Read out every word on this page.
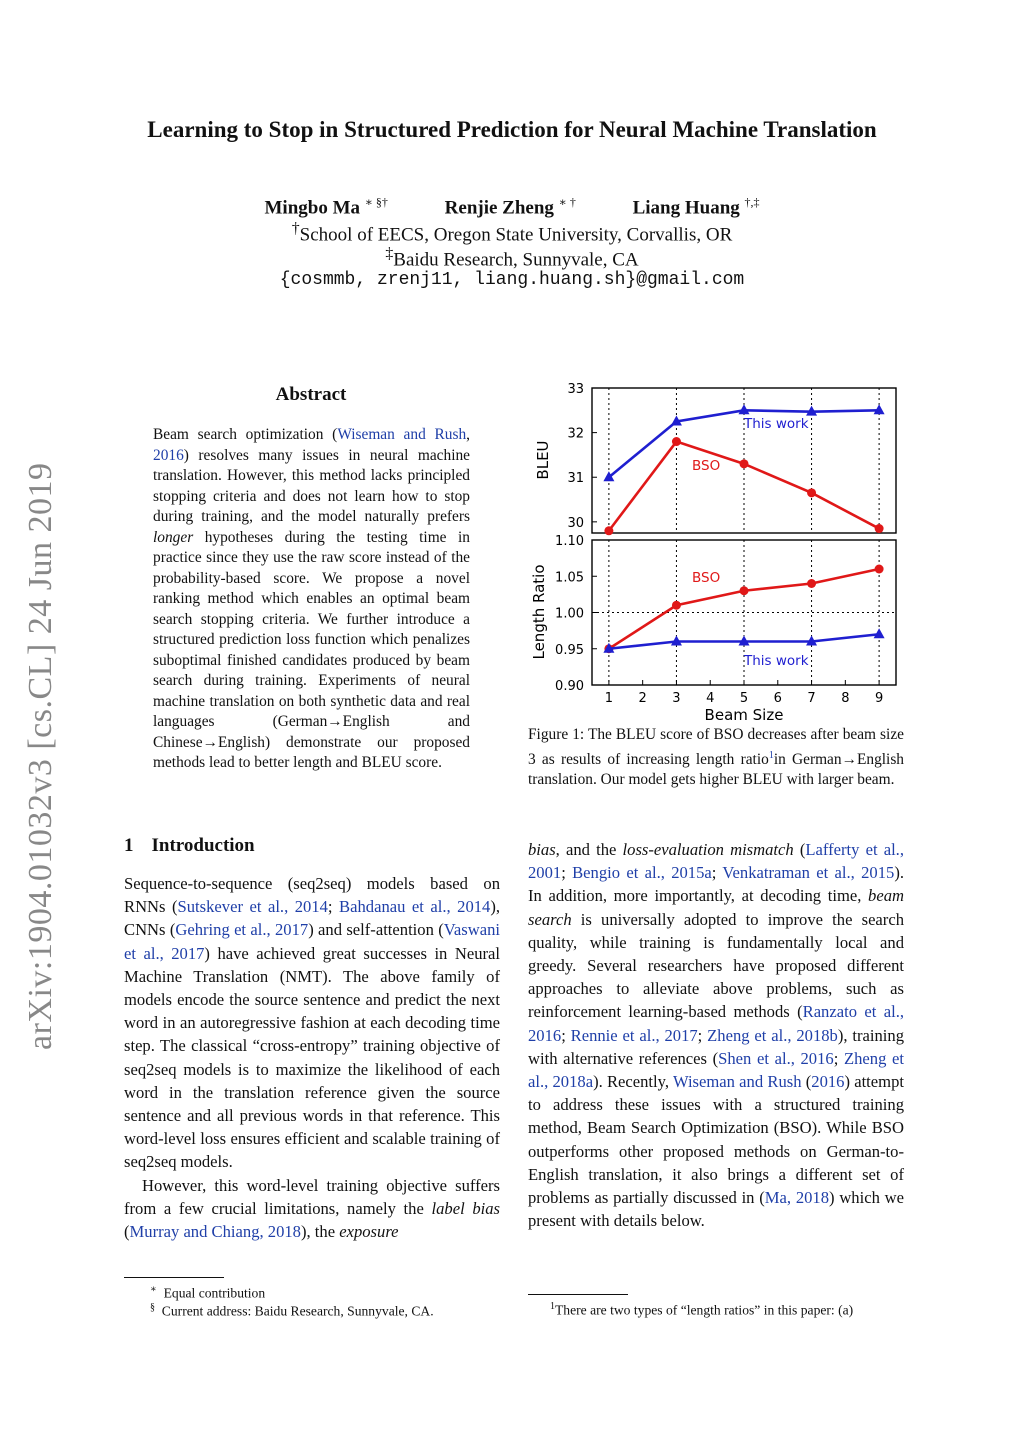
Learning to Stop in Structured Prediction for Neural Machine Translation
Mingbo Ma ∗ §†	Renjie Zheng ∗ †	Liang Huang †,‡
†School of EECS, Oregon State University, Corvallis, OR
‡Baidu Research, Sunnyvale, CA
{cosmmb, zrenj11, liang.huang.sh}@gmail.com
arXiv:1904.01032v3 [cs.CL] 24 Jun 2019
Abstract
Beam search optimization (Wiseman and Rush, 2016) resolves many issues in neural machine translation. However, this method lacks principled stopping criteria and does not learn how to stop during training, and the model naturally prefers longer hypotheses during the testing time in practice since they use the raw score instead of the probability-based score. We propose a novel ranking method which enables an optimal beam search stopping criteria. We further introduce a structured prediction loss function which penalizes suboptimal finished candidates produced by beam search during training. Experiments of neural machine translation on both synthetic data and real languages (German→English and Chinese→English) demonstrate our proposed methods lead to better length and BLEU score.
1 Introduction
Sequence-to-sequence (seq2seq) models based on RNNs (Sutskever et al., 2014; Bahdanau et al., 2014), CNNs (Gehring et al., 2017) and self-attention (Vaswani et al., 2017) have achieved great successes in Neural Machine Translation (NMT). The above family of models encode the source sentence and predict the next word in an autoregressive fashion at each decoding time step. The classical “cross-entropy” training objective of seq2seq models is to maximize the likelihood of each word in the translation reference given the source sentence and all previous words in that reference. This word-level loss ensures efficient and scalable training of seq2seq models.
However, this word-level training objective suffers from a few crucial limitations, namely the label bias (Murray and Chiang, 2018), the exposure
bias, and the loss-evaluation mismatch (Lafferty et al., 2001; Bengio et al., 2015a; Venkatraman et al., 2015). In addition, more importantly, at decoding time, beam search is universally adopted to improve the search quality, while training is fundamentally local and greedy. Several researchers have proposed different approaches to alleviate above problems, such as reinforcement learning-based methods (Ranzato et al., 2016; Rennie et al., 2017; Zheng et al., 2018b), training with alternative references (Shen et al., 2016; Zheng et al., 2018a). Recently, Wiseman and Rush (2016) attempt to address these issues with a structured training method, Beam Search Optimization (BSO). While BSO outperforms other proposed methods on German-to-English translation, it also brings a different set of problems as partially discussed in (Ma, 2018) which we present with details below.
∗ Equal contribution
§ Current address: Baidu Research, Sunnyvale, CA.	$^1$There are two types of “length ratios” in this paper: (a)
33
32
31
30
BLEU
This work
BSO
1.10
1.05
1.00
0.95
0.90
Length Ratio	BSO
This work
1 2 3 4 5 6 7 8 9
Beam Size
Figure 1: The BLEU score of BSO decreases after beam size 3 as results of increasing length ratio$^1$in German→English translation. Our model gets higher BLEU with larger beam.
